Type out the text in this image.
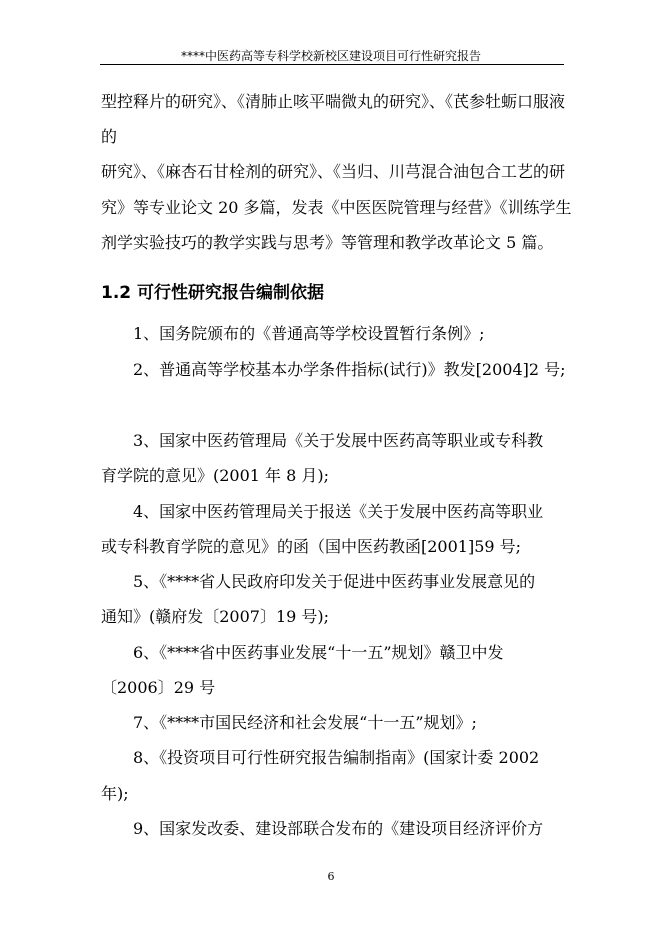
****中医药高等专科学校新校区建设项目可行性研究报告
型控释片的研究》、《清肺止咳平喘微丸的研究》、《芪参牡蛎口服液
的
研究》、《麻杏石甘栓剂的研究》、《当归、川芎混合油包合工艺的研
究》等专业论文 20 多篇，发表《中医医院管理与经营》《训练学生
剂学实验技巧的教学实践与思考》等管理和教学改革论文 5 篇。
1.2 可行性研究报告编制依据
1、国务院颁布的《普通高等学校设置暂行条例》;
2、普通高等学校基本办学条件指标(试行)》教发[2004]2 号;
3、国家中医药管理局《关于发展中医药高等职业或专科教
育学院的意见》(2001 年 8 月);
4、国家中医药管理局关于报送《关于发展中医药高等职业
或专科教育学院的意见》的函（国中医药教函[2001]59 号;
5、《****省人民政府印发关于促进中医药事业发展意见的
通知》(赣府发〔2007〕19 号);
6、《****省中医药事业发展“十一五”规划》赣卫中发
〔2006〕29 号
7、《****市国民经济和社会发展“十一五”规划》;
8、《投资项目可行性研究报告编制指南》(国家计委 2002
年);
9、国家发改委、建设部联合发布的《建设项目经济评价方
6
